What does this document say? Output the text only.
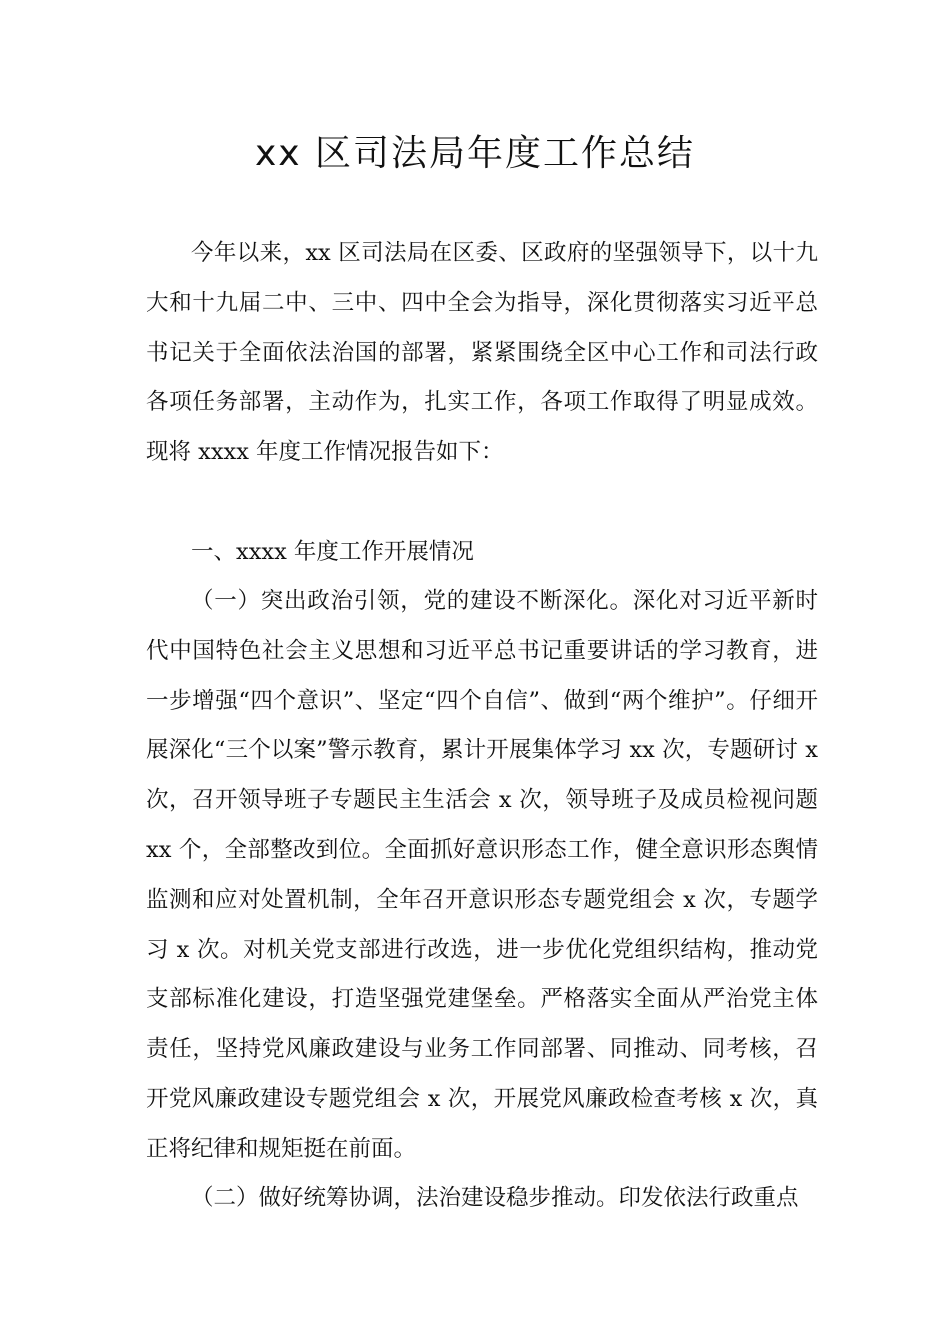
xx 区司法局年度工作总结

今年以来，xx 区司法局在区委、区政府的坚强领导下，以十九大和十九届二中、三中、四中全会为指导，深化贯彻落实习近平总书记关于全面依法治国的部署，紧紧围绕全区中心工作和司法行政各项任务部署，主动作为，扎实工作，各项工作取得了明显成效。现将 xxxx 年度工作情况报告如下：

一、xxxx 年度工作开展情况

（一）突出政治引领，党的建设不断深化。深化对习近平新时代中国特色社会主义思想和习近平总书记重要讲话的学习教育，进一步增强“四个意识”、坚定“四个自信”、做到“两个维护”。仔细开展深化“三个以案”警示教育，累计开展集体学习 xx 次，专题研讨 x 次，召开领导班子专题民主生活会 x 次，领导班子及成员检视问题 xx 个，全部整改到位。全面抓好意识形态工作，健全意识形态舆情监测和应对处置机制，全年召开意识形态专题党组会 x 次，专题学习 x 次。对机关党支部进行改选，进一步优化党组织结构，推动党支部标准化建设，打造坚强党建堡垒。严格落实全面从严治党主体责任，坚持党风廉政建设与业务工作同部署、同推动、同考核，召开党风廉政建设专题党组会 x 次，开展党风廉政检查考核 x 次，真正将纪律和规矩挺在前面。

（二）做好统筹协调，法治建设稳步推动。印发依法行政重点
